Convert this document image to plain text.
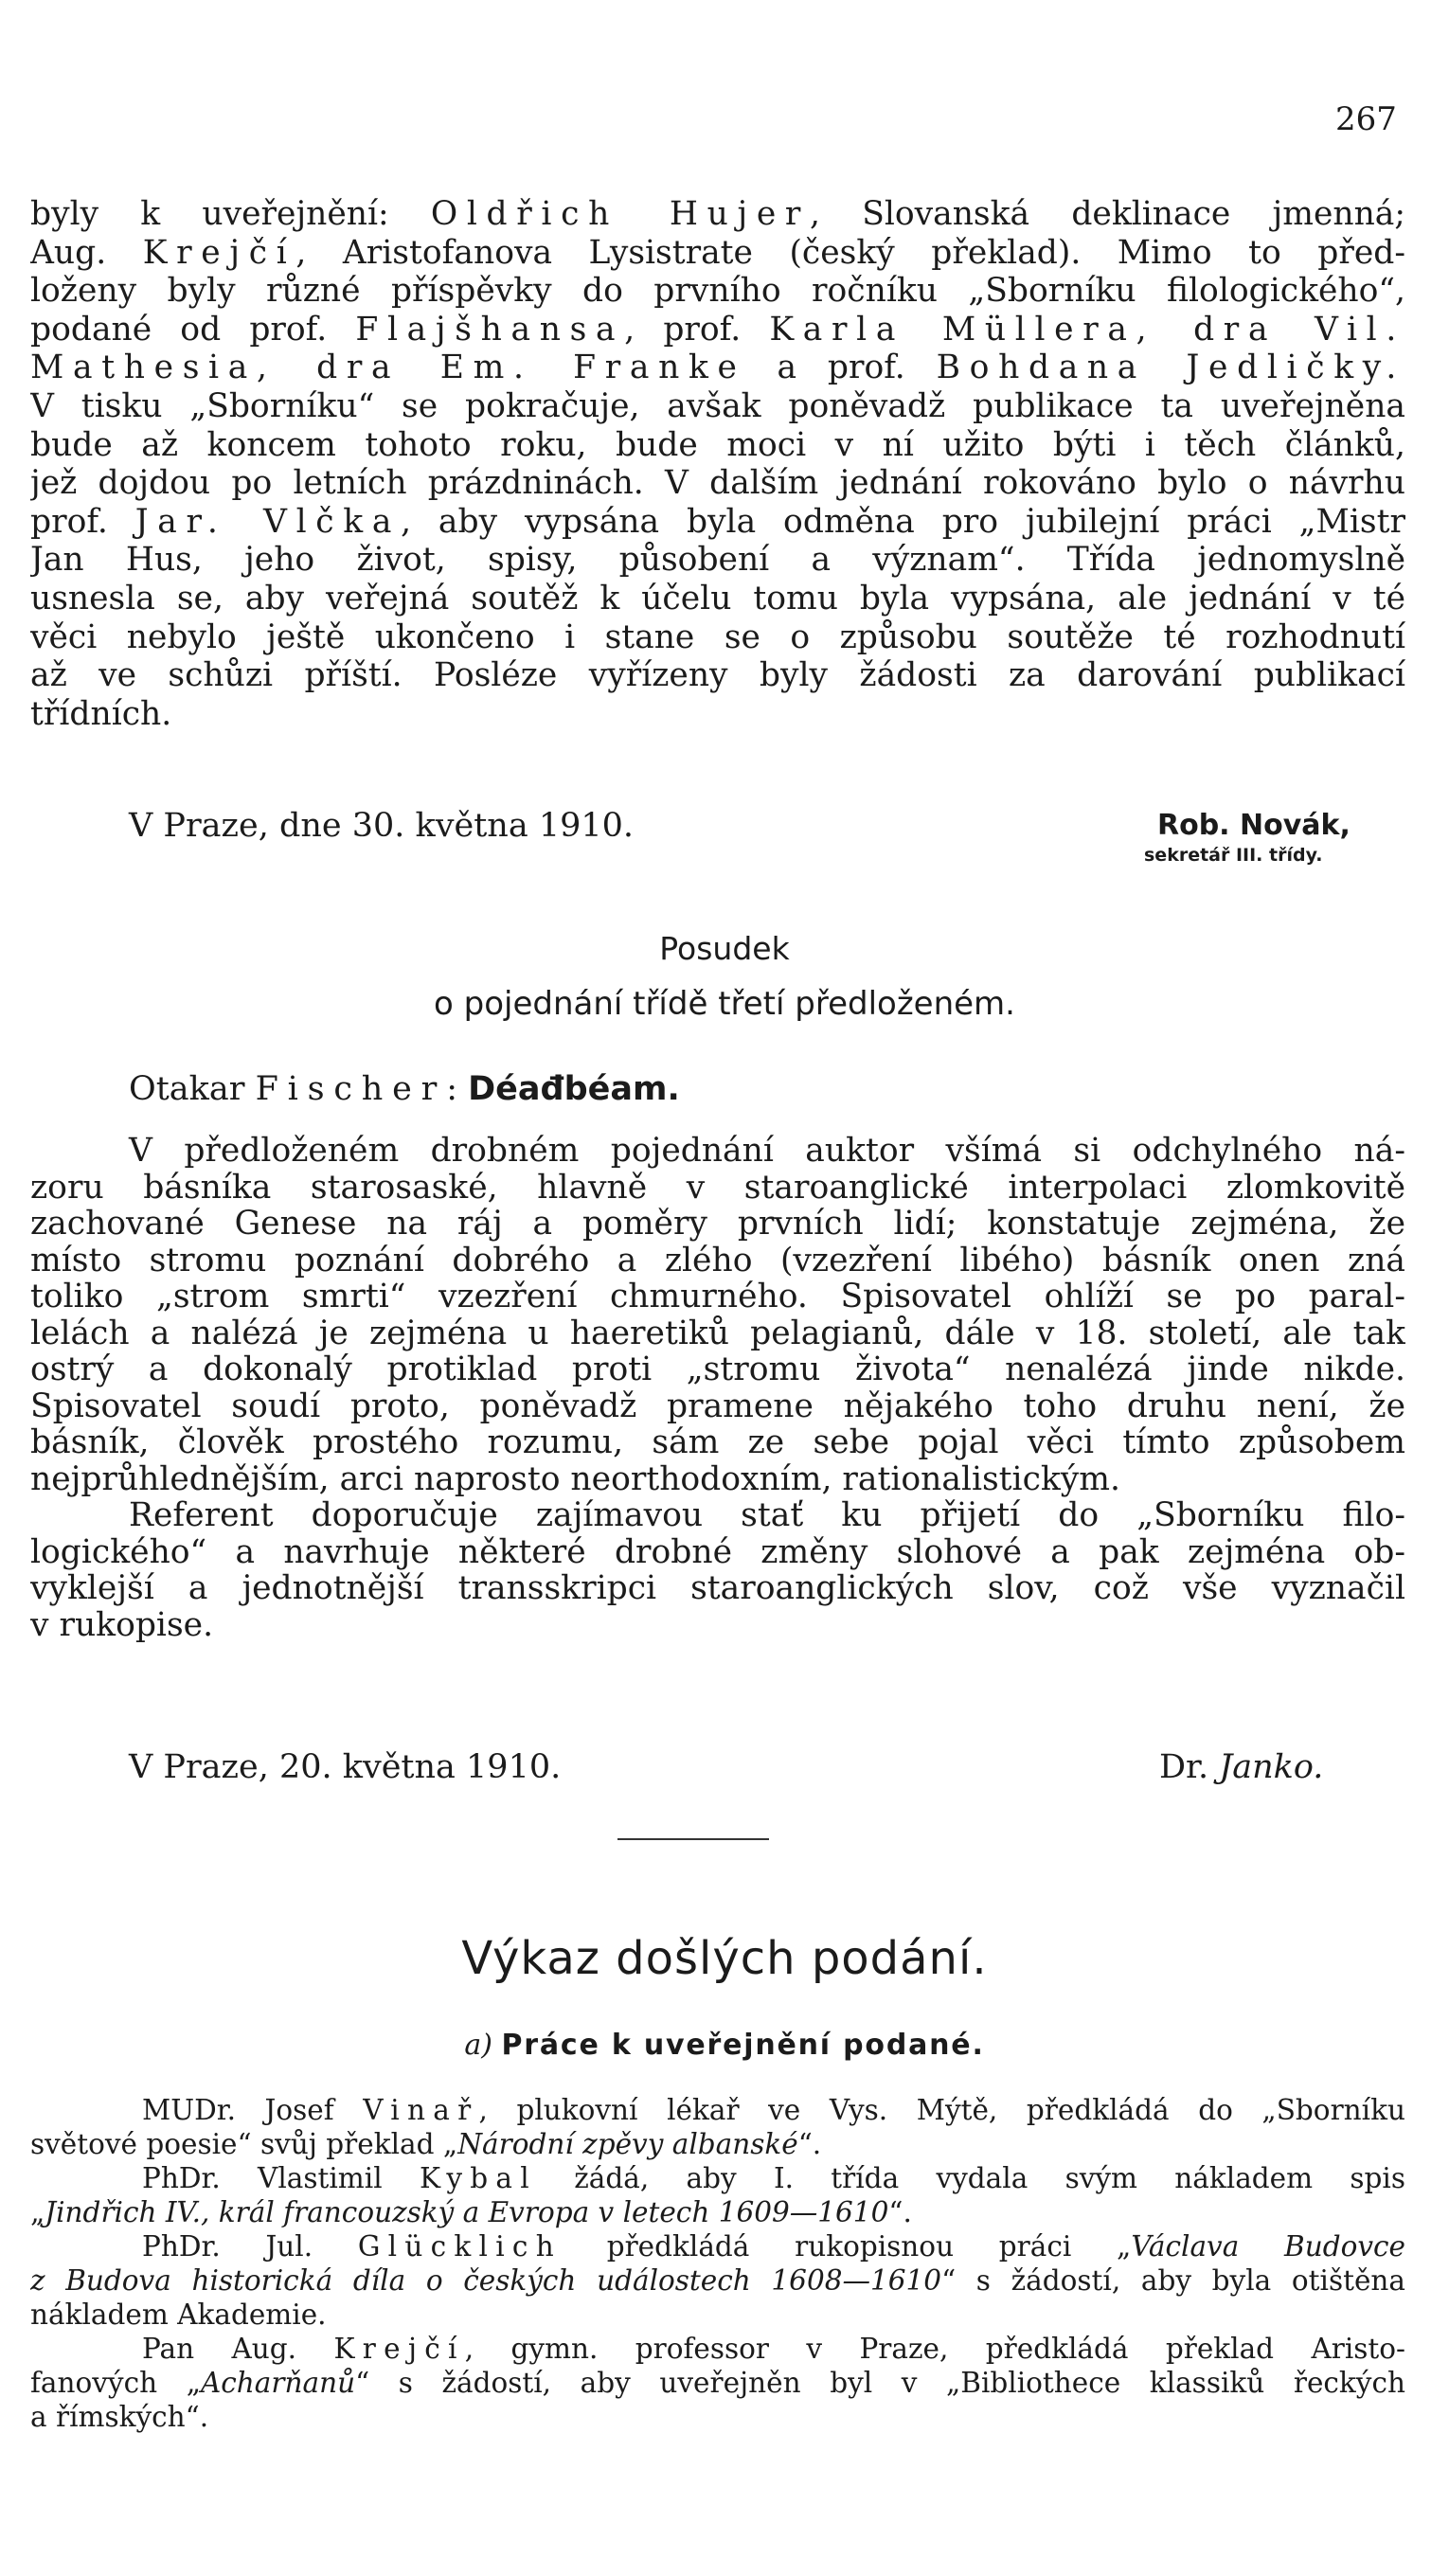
267
byly k uveřejnění: Oldřich Hujer, Slovanská deklinace jmenná;
Aug. Krejčí, Aristofanova Lysistrate (český překlad). Mimo to před-
loženy byly různé příspěvky do prvního ročníku „Sborníku filologického“,
podané od prof. Flajšhansa, prof. Karla Müllera, dra Vil.
Mathesia, dra Em. Franke a prof. Bohdana Jedličky.
V tisku „Sborníku“ se pokračuje, avšak poněvadž publikace ta uveřejněna
bude až koncem tohoto roku, bude moci v ní užito býti i těch článků,
jež dojdou po letních prázdninách. V dalším jednání rokováno bylo o návrhu
prof. Jar. Vlčka, aby vypsána byla odměna pro jubilejní práci „Mistr
Jan Hus, jeho život, spisy, působení a význam“. Třída jednomyslně
usnesla se, aby veřejná soutěž k účelu tomu byla vypsána, ale jednání v té
věci nebylo ještě ukončeno i stane se o způsobu soutěže té rozhodnutí
až ve schůzi příští. Posléze vyřízeny byly žádosti za darování publikací
třídních.
V Praze, dne 30. května 1910.	Rob. Novák,
sekretář III. třídy.
Posudek
o pojednání třídě třetí předloženém.
Otakar Fischer: Déađbéam.
V předloženém drobném pojednání auktor všímá si odchylného ná-
zoru básníka starosaské, hlavně v staroanglické interpolaci zlomkovitě
zachované Genese na ráj a poměry prvních lidí; konstatuje zejména, že
místo stromu poznání dobrého a zlého (vzezření libého) básník onen zná
toliko „strom smrti“ vzezření chmurného. Spisovatel ohlíží se po paral-
lelách a nalézá je zejména u haeretiků pelagianů, dále v 18. století, ale tak
ostrý a dokonalý protiklad proti „stromu života“ nenalézá jinde nikde.
Spisovatel soudí proto, poněvadž pramene nějakého toho druhu není, že
básník, člověk prostého rozumu, sám ze sebe pojal věci tímto způsobem
nejprůhlednějším, arci naprosto neorthodoxním, rationalistickým.
Referent doporučuje zajímavou stať ku přijetí do „Sborníku filo-
logického“ a navrhuje některé drobné změny slohové a pak zejména ob-
vyklejší a jednotnější transskripci staroanglických slov, což vše vyznačil
v rukopise.
V Praze, 20. května 1910.	Dr. Janko.
Výkaz došlých podání.
a) Práce k uveřejnění podané.
MUDr. Josef Vinař, plukovní lékař ve Vys. Mýtě, předkládá do „Sborníku
světové poesie“ svůj překlad „Národní zpěvy albanské“.
PhDr. Vlastimil Kybal žádá, aby I. třída vydala svým nákladem spis
„Jindřich IV., král francouzský a Evropa v letech 1609—1610“.
PhDr. Jul. Glücklich předkládá rukopisnou práci „Václava Budovce
z Budova historická díla o českých událostech 1608—1610“ s žádostí, aby byla otištěna
nákladem Akademie.
Pan Aug. Krejčí, gymn. professor v Praze, předkládá překlad Aristo-
fanových „Acharňanů“ s žádostí, aby uveřejněn byl v „Bibliothece klassiků řeckých
a římských“.
